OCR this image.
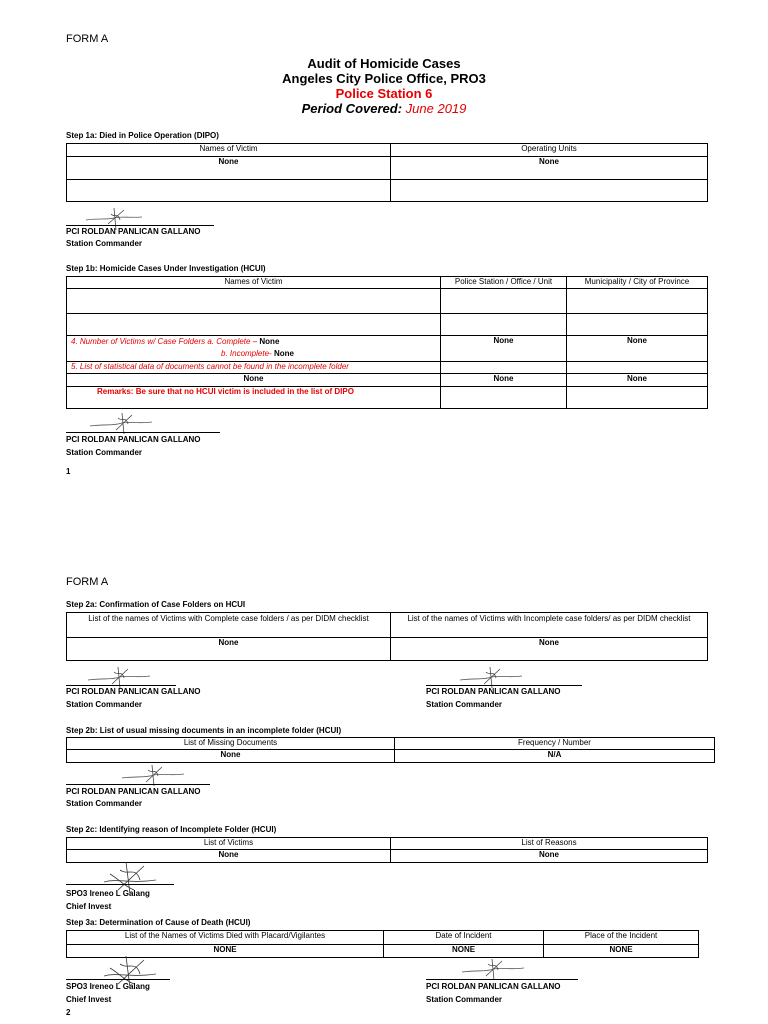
FORM A
Audit of Homicide Cases
Angeles City Police Office, PRO3
Police Station 6
Period Covered: June 2019
Step 1a: Died in Police Operation (DIPO)
Names of Victim	Operating Units
None	None

PCI ROLDAN PANLICAN GALLANO
Station Commander
Step 1b: Homicide Cases Under Investigation (HCUI)
Names of Victim	Police Station / Office / Unit	Municipality / City of Province

4. Number of Victims w/ Case Folders a. Complete – None
b. Incomplete- None	None	None
5. List of statistical data of documents cannot be found in the incomplete folder		
None	None	None
Remarks: Be sure that no HCUI victim is included in the list of DIPO		
PCI ROLDAN PANLICAN GALLANO
Station Commander
1
FORM A
Step 2a: Confirmation of Case Folders on HCUI
List of the names of Victims with Complete case folders / as per DIDM checklist	List of the names of Victims with Incomplete case folders/ as per DIDM checklist
None	None
PCI ROLDAN PANLICAN GALLANO
Station Commander
PCI ROLDAN PANLICAN GALLANO
Station Commander
Step 2b: List of usual missing documents in an incomplete folder (HCUI)
List of Missing Documents	Frequency / Number
None	N/A
PCI ROLDAN PANLICAN GALLANO
Station Commander
Step 2c: Identifying reason of Incomplete Folder (HCUI)
List of Victims	List of Reasons
None	None
SPO3 Ireneo L Galang
Chief Invest
Step 3a: Determination of Cause of Death (HCUI)
List of the Names of Victims Died with Placard/Vigilantes	Date of Incident	Place of the Incident
NONE	NONE	NONE
SPO3 Ireneo L Galang
Chief Invest
PCI ROLDAN PANLICAN GALLANO
Station Commander
2
